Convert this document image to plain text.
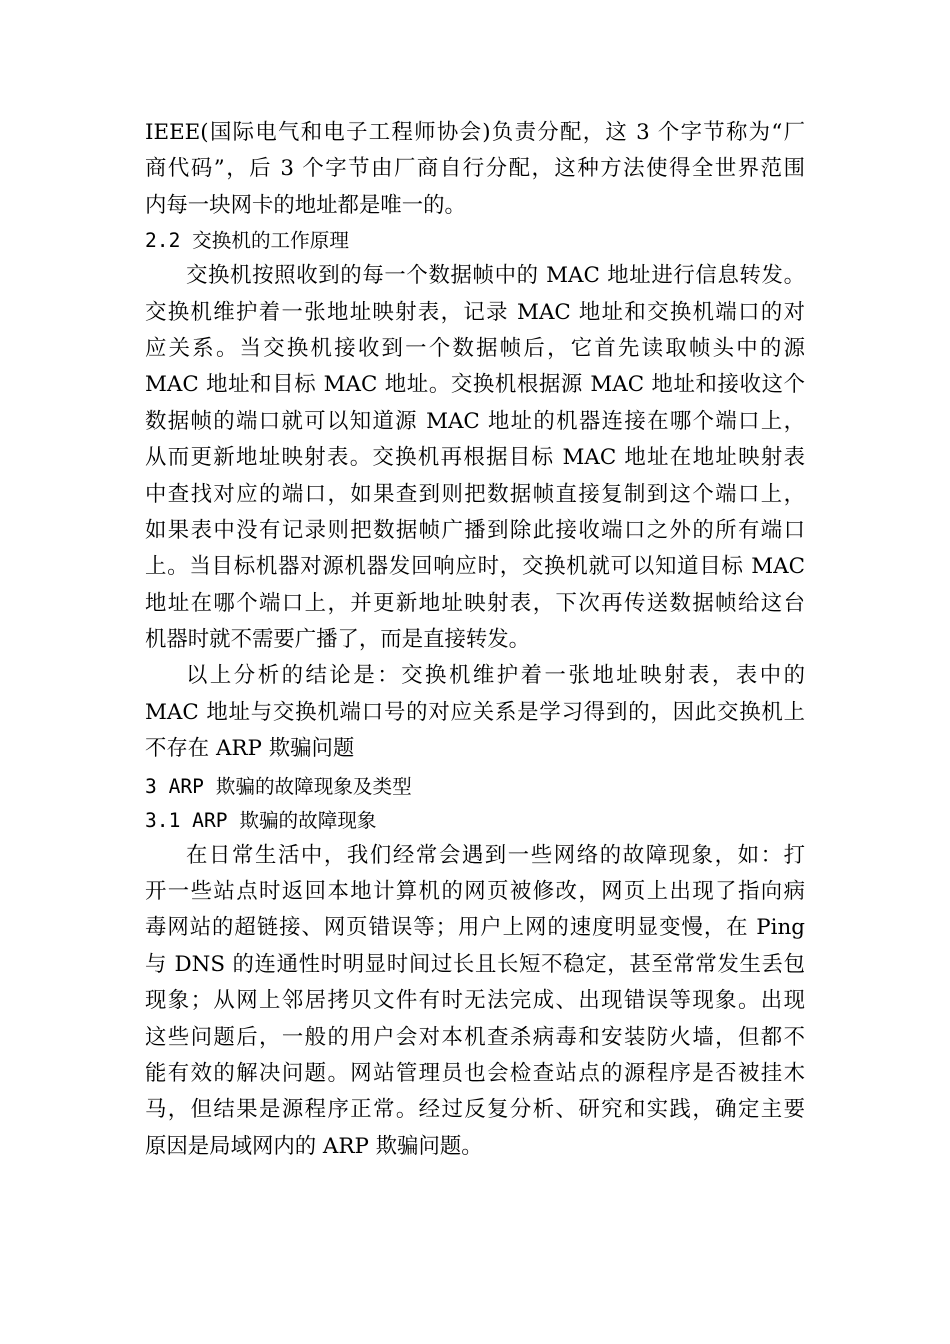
IEEE(国际电气和电子工程师协会)负责分配，这 3 个字节称为“厂
商代码”，后 3 个字节由厂商自行分配，这种方法使得全世界范围
内每一块网卡的地址都是唯一的。
2.2 交换机的工作原理
交换机按照收到的每一个数据帧中的 MAC 地址进行信息转发。
交换机维护着一张地址映射表，记录 MAC 地址和交换机端口的对
应关系。当交换机接收到一个数据帧后，它首先读取帧头中的源
MAC 地址和目标 MAC 地址。交换机根据源 MAC 地址和接收这个
数据帧的端口就可以知道源 MAC 地址的机器连接在哪个端口上，
从而更新地址映射表。交换机再根据目标 MAC 地址在地址映射表
中查找对应的端口，如果查到则把数据帧直接复制到这个端口上，
如果表中没有记录则把数据帧广播到除此接收端口之外的所有端口
上。当目标机器对源机器发回响应时，交换机就可以知道目标 MAC
地址在哪个端口上，并更新地址映射表，下次再传送数据帧给这台
机器时就不需要广播了，而是直接转发。
以上分析的结论是：交换机维护着一张地址映射表，表中的
MAC 地址与交换机端口号的对应关系是学习得到的，因此交换机上
不存在 ARP 欺骗问题
3 ARP 欺骗的故障现象及类型
3.1 ARP 欺骗的故障现象
在日常生活中，我们经常会遇到一些网络的故障现象，如：打
开一些站点时返回本地计算机的网页被修改，网页上出现了指向病
毒网站的超链接、网页错误等；用户上网的速度明显变慢，在 Ping
与 DNS 的连通性时明显时间过长且长短不稳定，甚至常常发生丢包
现象；从网上邻居拷贝文件有时无法完成、出现错误等现象。出现
这些问题后，一般的用户会对本机查杀病毒和安装防火墙，但都不
能有效的解决问题。网站管理员也会检查站点的源程序是否被挂木
马，但结果是源程序正常。经过反复分析、研究和实践，确定主要
原因是局域网内的 ARP 欺骗问题。
